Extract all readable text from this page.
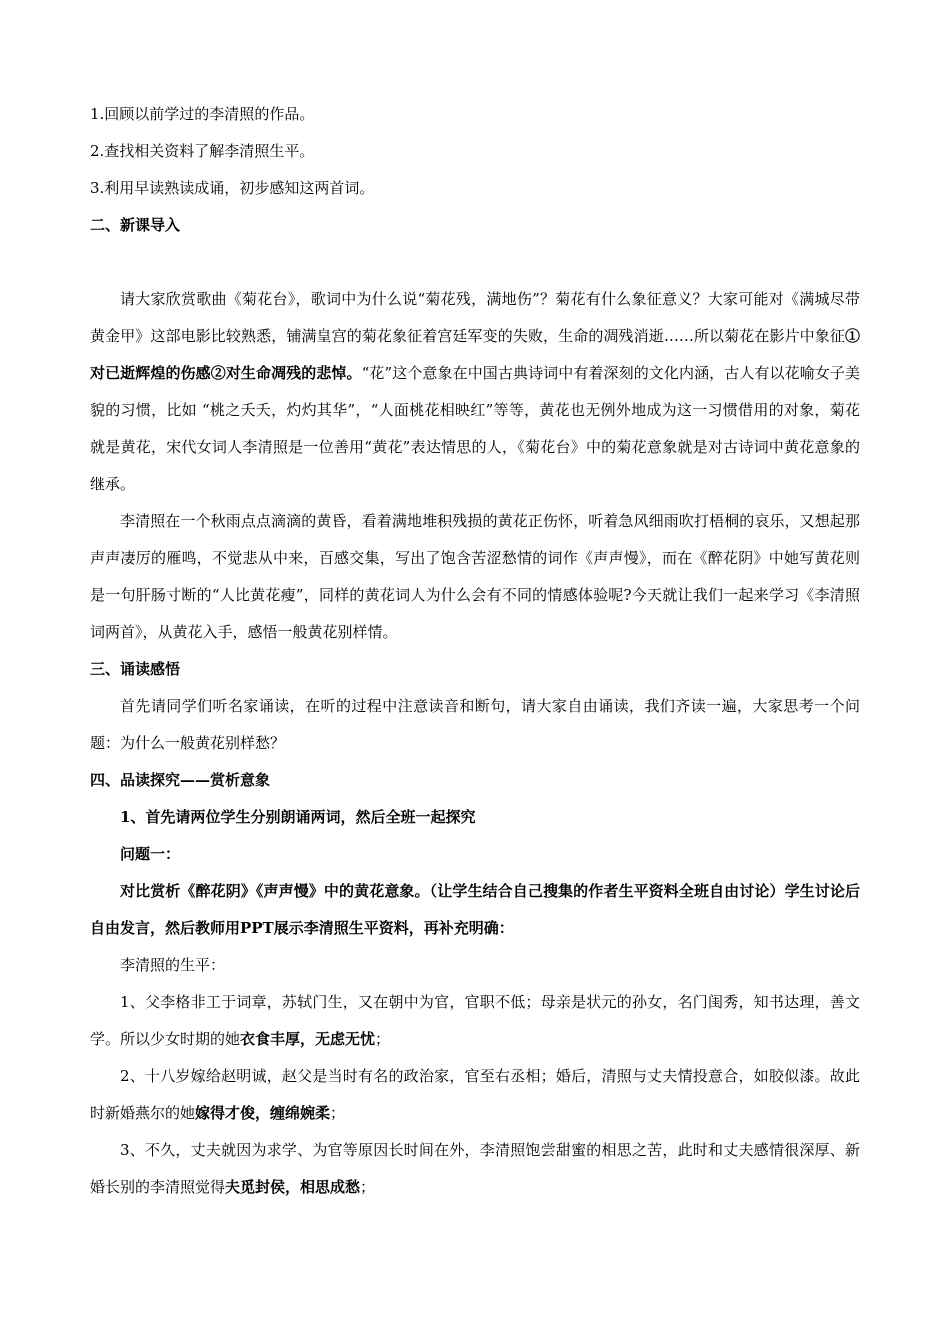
1.回顾以前学过的李清照的作品。

2.查找相关资料了解李清照生平。

3.利用早读熟读成诵，初步感知这两首词。

二、新课导入

请大家欣赏歌曲《菊花台》，歌词中为什么说“菊花残，满地伤”？菊花有什么象征意义？大家可能对《满城尽带黄金甲》这部电影比较熟悉，铺满皇宫的菊花象征着宫廷军变的失败，生命的凋残消逝……所以菊花在影片中象征①对已逝辉煌的伤感②对生命凋残的悲悼。“花”这个意象在中国古典诗词中有着深刻的文化内涵，古人有以花喻女子美貌的习惯，比如 “桃之夭夭，灼灼其华”，“人面桃花相映红”等等，黄花也无例外地成为这一习惯借用的对象，菊花就是黄花，宋代女词人李清照是一位善用“黄花”表达情思的人，《菊花台》中的菊花意象就是对古诗词中黄花意象的继承。

李清照在一个秋雨点点滴滴的黄昏，看着满地堆积残损的黄花正伤怀，听着急风细雨吹打梧桐的哀乐，又想起那声声凄厉的雁鸣，不觉悲从中来，百感交集，写出了饱含苦涩愁情的词作《声声慢》，而在《醉花阴》中她写黄花则是一句肝肠寸断的“人比黄花瘦”，同样的黄花词人为什么会有不同的情感体验呢?今天就让我们一起来学习《李清照词两首》，从黄花入手，感悟一般黄花别样情。

三、诵读感悟

首先请同学们听名家诵读，在听的过程中注意读音和断句，请大家自由诵读，我们齐读一遍，大家思考一个问题：为什么一般黄花别样愁？

四、品读探究——赏析意象

1、首先请两位学生分别朗诵两词，然后全班一起探究

问题一：

对比赏析《醉花阴》《声声慢》中的黄花意象。（让学生结合自己搜集的作者生平资料全班自由讨论）学生讨论后自由发言，然后教师用PPT展示李清照生平资料，再补充明确：

李清照的生平：

1、父李格非工于词章，苏轼门生，又在朝中为官，官职不低；母亲是状元的孙女，名门闺秀，知书达理，善文学。所以少女时期的她衣食丰厚，无虑无忧；

2、十八岁嫁给赵明诚，赵父是当时有名的政治家，官至右丞相；婚后，清照与丈夫情投意合，如胶似漆。故此时新婚燕尔的她嫁得才俊，缠绵婉柔；

3、不久，丈夫就因为求学、为官等原因长时间在外，李清照饱尝甜蜜的相思之苦，此时和丈夫感情很深厚、新婚长别的李清照觉得夫觅封侯，相思成愁；
